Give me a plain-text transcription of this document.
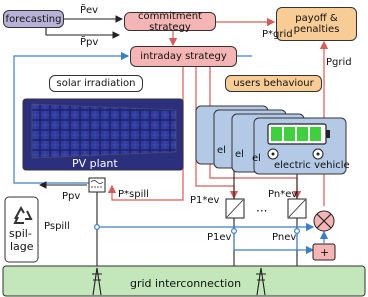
forecasting	commitment strategy
payoff &
penalties
intraday strategy
solar irradiation	users behaviour
PV plant
el el el
electric vehicle
spil-
lage
grid interconnection
P̃ev
P̃pv
P*grid
Pgrid
Ppv	P*spill
Pspill
P1*ev
Pn*ev
P1ev	Pnev
···
+
